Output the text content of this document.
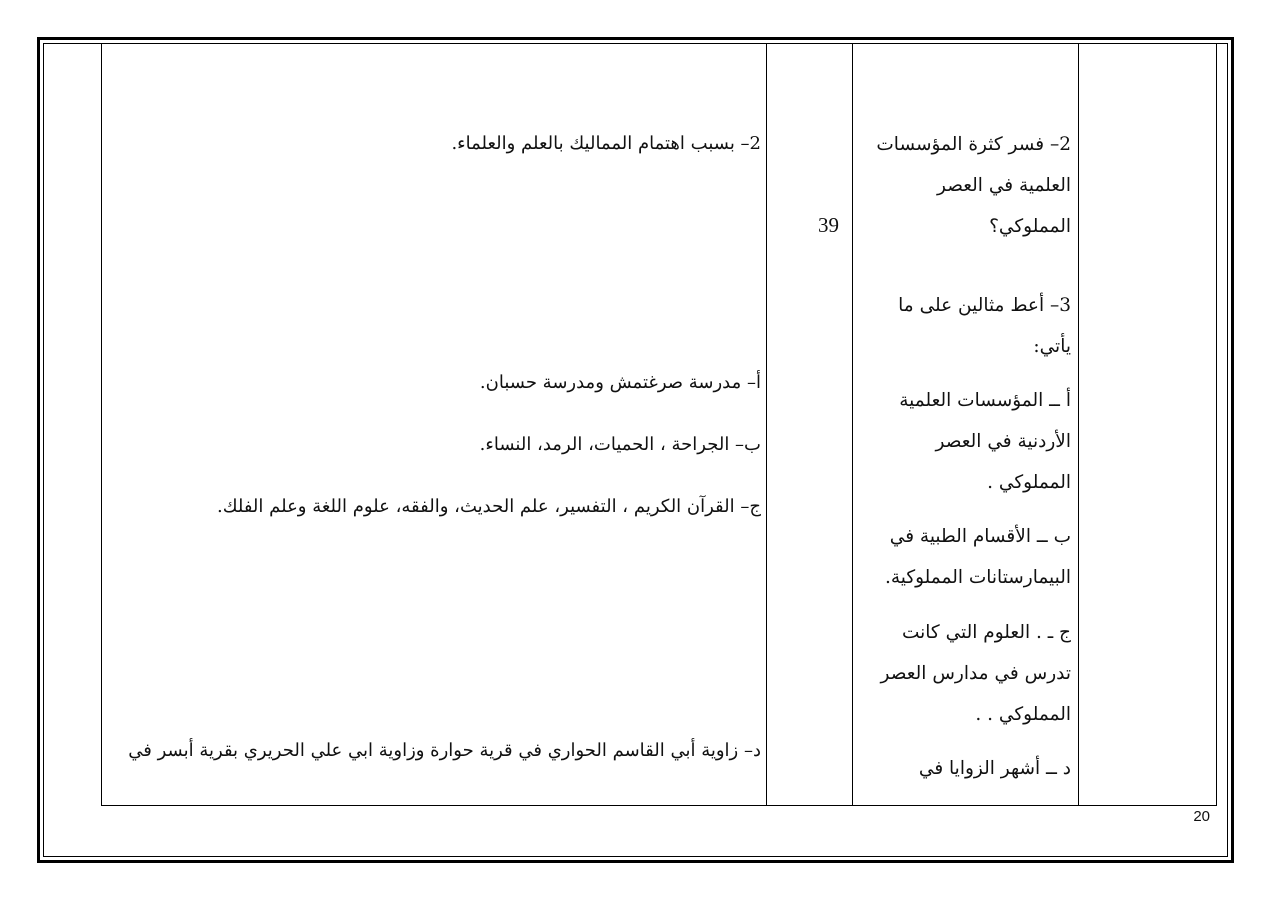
2– فسر كثرة المؤسسات
العلمية في العصر
المملوكي؟
3– أعط مثالين على ما
يأتي:
أ ــ المؤسسات العلمية
الأردنية في العصر
المملوكي .
ب ــ الأقسام الطبية في
البيمارستانات المملوكية.
ج ـ . العلوم التي كانت
تدرس في مدارس العصر
المملوكي . .
د ــ أشهر الزوايا في
39
2– بسبب اهتمام المماليك بالعلم والعلماء.
أ– مدرسة صرغتمش ومدرسة حسبان.
ب– الجراحة ، الحميات، الرمد، النساء.
ج– القرآن الكريم ، التفسير، علم الحديث، والفقه، علوم اللغة وعلم الفلك.
د– زاوية أبي القاسم الحواري في قرية حوارة وزاوية ابي علي الحريري بقرية أبسر في
20
